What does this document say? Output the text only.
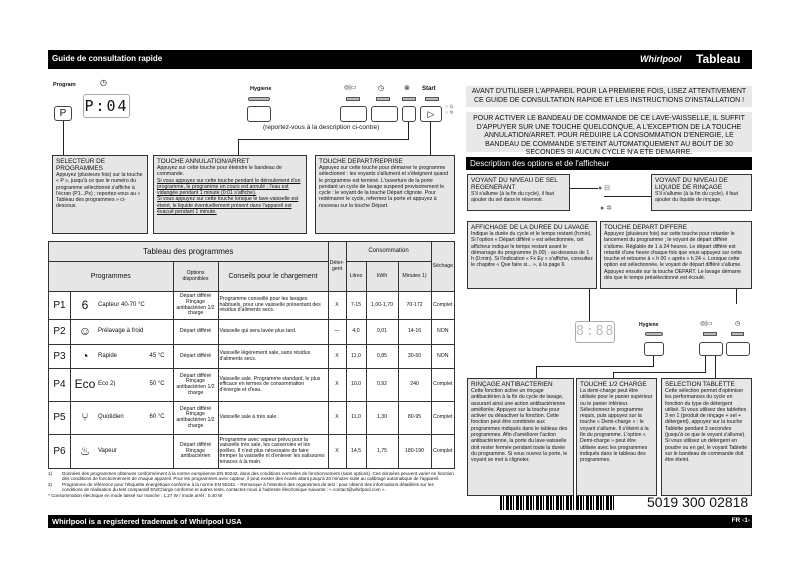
Guide de consultation rapide	Whirlpool Tableau
Program	◷
P	P:04
Hygiene	Start
◎|▭	◷	⊗
▷
○ ⊟
○ ✲
(reportez-vous à la description ci-contre)
SELECTEUR DE PROGRAMMES
Appuyez (plusieurs fois) sur la touche « P », jusqu'à ce que le numéro du programme sélectionné s'affiche à l'écran (P1...Px) ; reportez-vous au « Tableau des programmes » ci-dessous.
TOUCHE ANNULATION/ARRET
Appuyez sur cette touche pour éteindre le bandeau de commande.
Si vous appuyez sur cette touche pendant le déroulement d'un programme, le programme en cours est annulé ; l'eau est vidangée pendant 1 minute (0:01 s'affiche).
Si vous appuyez sur cette touche lorsque le lave-vaisselle est éteint, le liquide éventuellement présent dans l'appareil est évacué pendant 1 minute.
TOUCHE DEPART/REPRISE
Appuyez sur cette touche pour démarrer le programme sélectionné : les voyants s'allument et s'éteignent quand le programme est terminé. L'ouverture de la porte pendant un cycle de lavage suspend provisoirement le cycle : le voyant de la touche Départ clignote. Pour redémarrer le cycle, refermez la porte et appuyez à nouveau sur la touche Départ.
Tableau des programmes				Déter-gent	Consommation			Séchage
Programmes		Options disponibles	Conseils pour le chargement		Litres	kWh	Minutes 1)	
P1	6 Capteur 40-70 °C	Départ différé Rinçage antibactérien 1/2 charge	Programme conseillé pour les lavages habituels, pour une vaisselle présentant des résidus d'aliments secs.	X	7-15	1,00-1,70	70-172	Complet
P2	☺ Prélavage à froid	Départ différé	Vaisselle qui sera lavée plus tard.	—	4,0	0,01	14-16	NON
P3	◔ Rapide 45 °C	Départ différé	Vaisselle légèrement sale, sans résidus d'aliments secs.	X	11,0	0,85	30-50	NON
P4	Eco Eco 2) 50 °C	Départ différé Rinçage antibactérien 1/2 charge	Vaisselle sale. Programme standard, le plus efficace en termes de consommation d'énergie et d'eau.	X	10,0	0,92	240	Complet
P5	⑂ Quotidien 60 °C	Départ différé Rinçage antibactérien 1/2 charge	Vaisselle sale à très sale.	X	11,0	1,30	80-95	Complet
P6	♨ Vapeur	Départ différé Rinçage antibactérien	Programme avec vapeur prévu pour la vaisselle très sale, les casseroles et les poêles. Il n'est plus nécessaire de faire tremper la vaisselle ni d'enlever les salissures tenaces à la main.	X	14,5	1,75	180-190	Complet
1)	Données des programmes obtenues conformément à la norme européenne EN 50242, dans des conditions normales de fonctionnement (sans options). Ces données peuvent varier en fonction des conditions de fonctionnement de chaque appareil. Pour les programmes avec capteur, il peut exister des écarts allant jusqu'à 20 minutes suite au calibrage automatique de l'appareil.
2)	Programme de référence pour l'étiquette énergétique conforme à la norme EN 50242. - Remarque à l'intention des organismes de test : pour obtenir des informations détaillées sur les conditions de réalisation du test comparatif EN/Charge conforme et autres tests, contactez-nous à l'adresse électronique suivante : « contact@whirlpool.com ».
* Consommation électrique en mode laissé sur marche : 1,27 W / mode arrêt : 0,40 W
AVANT D'UTILISER L'APPAREIL POUR LA PREMIERE FOIS, LISEZ ATTENTIVEMENT CE GUIDE DE CONSULTATION RAPIDE ET LES INSTRUCTIONS D'INSTALLATION !
POUR ACTIVER LE BANDEAU DE COMMANDE DE CE LAVE-VAISSELLE, IL SUFFIT D'APPUYER SUR UNE TOUCHE QUELCONQUE, A L'EXCEPTION DE LA TOUCHE ANNULATION/ARRET. POUR REDUIRE LA CONSOMMATION D'ENERGIE, LE BANDEAU DE COMMANDE S'ETEINT AUTOMATIQUEMENT AU BOUT DE 30 SECONDES SI AUCUN CYCLE N'A ETE DEMARRE.
Description des options et de l'afficheur
VOYANT DU NIVEAU DE SEL REGENERANT
S'il s'allume (à la fin du cycle), il faut ajouter du sel dans le réservoir.
● ⊟
● ✲
VOYANT DU NIVEAU DE LIQUIDE DE RINÇAGE
S'il s'allume (à la fin du cycle), il faut ajouter du liquide de rinçage.
AFFICHAGE DE LA DUREE DU LAVAGE
Indique la durée du cycle et le temps restant (h:min). Si l'option « Départ différé » est sélectionnée, cet afficheur indique le temps restant avant le démarrage du programme (h.00) - au-dessous de 1 h (0:min). Si l'indication « Fx Ey » s'affiche, consultez le chapitre « Que faire si... », à la page 6.
TOUCHE DEPART DIFFERE
Appuyez (plusieurs fois) sur cette touche pour retarder le lancement du programme ; le voyant de départ différé s'allume. Réglable de 1 à 24 heures. Le départ différé est retardé d'une heure chaque fois que vous appuyez sur cette touche et retourne à « h 00 » après « h 24 ». Lorsque cette option est sélectionnée, le voyant de départ différé s'allume. Appuyez ensuite sur la touche DEPART. Le lavage démarre dès que le temps présélectionné est écoulé.
8:88	Hygiene	◎|▭	◷
RINÇAGE ANTIBACTERIEN
Cette fonction active un rinçage antibactérien à la fin du cycle de lavage, assurant ainsi une action antibactérienne améliorée. Appuyez sur la touche pour activer ou désactiver la fonction. Cette fonction peut être combinée aux programmes indiqués dans le tableau des programmes. Afin d'améliorer l'action antibactérienne, la porte du lave-vaisselle doit rester fermée pendant toute la durée du programme. Si vous ouvrez la porte, le voyant se met à clignoter.
TOUCHE 1/2 CHARGE
La demi-charge peut être utilisée pour le panier supérieur ou le panier inférieur. Sélectionnez le programme requis, puis appuyez sur la touche « Demi-charge » : le voyant s'allume. Il s'éteint à la fin du programme. L'option « Demi-charge » peut être utilisée avec les programmes indiqués dans le tableau des programmes.
SELECTION TABLETTE
Cette sélection permet d'optimiser les performances du cycle en fonction du type de détergent utilisé. Si vous utilisez des tablettes 3 en 1 (produit de rinçage + sel + détergent), appuyez sur la touche Tablette pendant 3 secondes (jusqu'à ce que le voyant s'allume). Si vous utilisez un détergent en poudre ou en gel, le voyant Tablette sur le bandeau de commande doit être éteint.
5019 300 02818
Whirlpool is a registered trademark of Whirlpool USA	FR -1-
